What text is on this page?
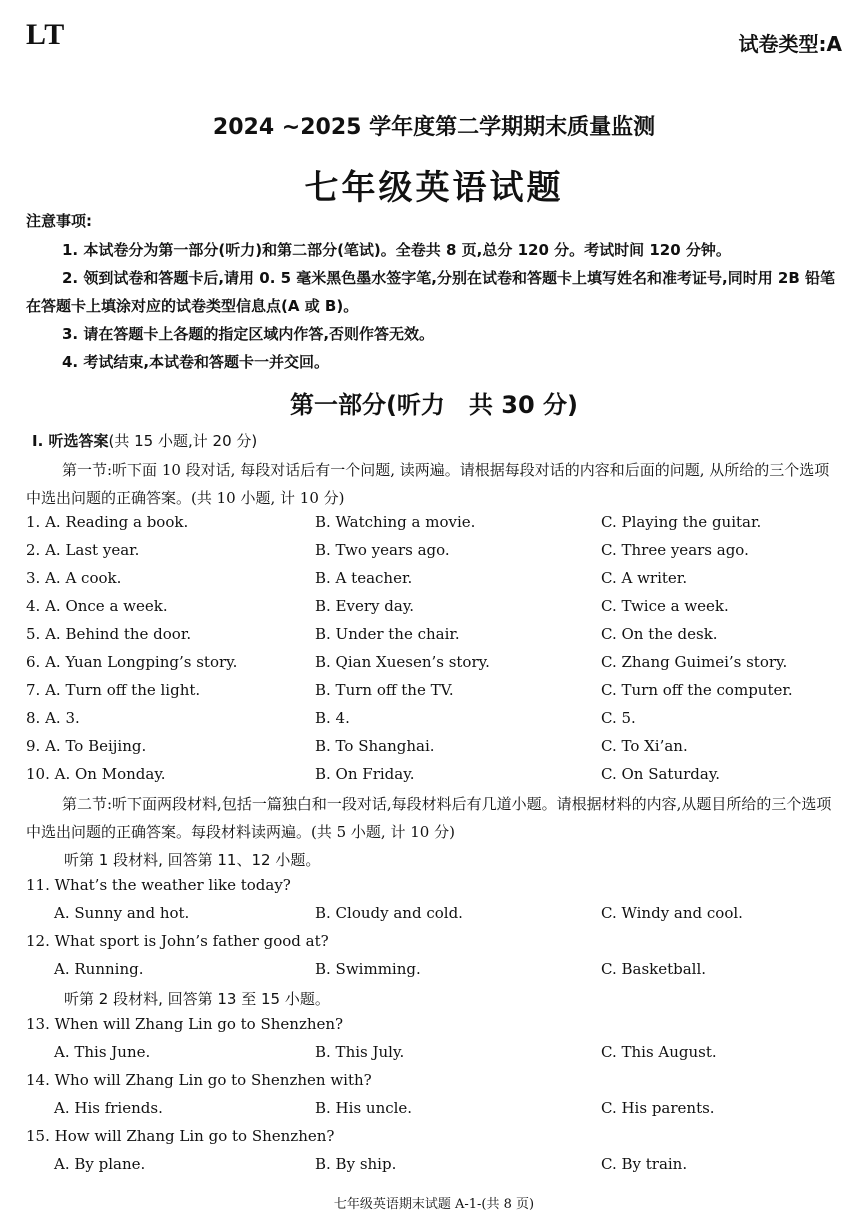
LT	试卷类型:A
2024 ~2025 学年度第二学期期末质量监测
七年级英语试题
注意事项:

1. 本试卷分为第一部分(听力)和第二部分(笔试)。全卷共 8 页,总分 120 分。考试时间 120 分钟。

2. 领到试卷和答题卡后,请用 0. 5 毫米黑色墨水签字笔,分别在试卷和答题卡上填写姓名和准考证号,同时用 2B 铅笔在答题卡上填涂对应的试卷类型信息点(A 或 B)。

3. 请在答题卡上各题的指定区域内作答,否则作答无效。

4. 考试结束,本试卷和答题卡一并交回。

第一部分(听力　共 30 分)
Ⅰ. 听选答案(共 15 小题,计 20 分)
第一节:听下面 10 段对话, 每段对话后有一个问题, 读两遍。请根据每段对话的内容和后面的问题, 从所给的三个选项中选出问题的正确答案。(共 10 小题, 计 10 分)
1. A. Reading a book.	B. Watching a movie.	C. Playing the guitar.
2. A. Last year.	B. Two years ago.	C. Three years ago.
3. A. A cook.	B. A teacher.	C. A writer.
4. A. Once a week.	B. Every day.	C. Twice a week.
5. A. Behind the door.	B. Under the chair.	C. On the desk.
6. A. Yuan Longping’s story.	B. Qian Xuesen’s story.	C. Zhang Guimei’s story.
7. A. Turn off the light.	B. Turn off the TV.	C. Turn off the computer.
8. A. 3.	B. 4.	C. 5.
9. A. To Beijing.	B. To Shanghai.	C. To Xi’an.
10. A. On Monday.	B. On Friday.	C. On Saturday.
第二节:听下面两段材料,包括一篇独白和一段对话,每段材料后有几道小题。请根据材料的内容,从题目所给的三个选项中选出问题的正确答案。每段材料读两遍。(共 5 小题, 计 10 分)
听第 1 段材料, 回答第 11、12 小题。
11. What’s the weather like today?
A. Sunny and hot.	B. Cloudy and cold.	C. Windy and cool.
12. What sport is John’s father good at?
A. Running.	B. Swimming.	C. Basketball.
听第 2 段材料, 回答第 13 至 15 小题。
13. When will Zhang Lin go to Shenzhen?
A. This June.	B. This July.	C. This August.
14. Who will Zhang Lin go to Shenzhen with?
A. His friends.	B. His uncle.	C. His parents.
15. How will Zhang Lin go to Shenzhen?
A. By plane.	B. By ship.	C. By train.
七年级英语期末试题 A-1-(共 8 页)
